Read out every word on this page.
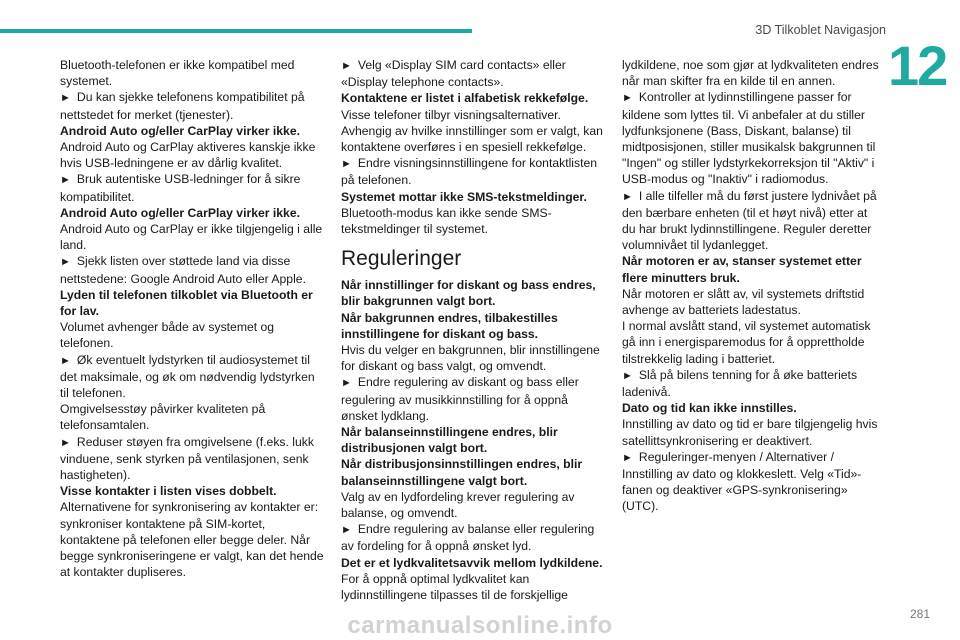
3D Tilkoblet Navigasjon
12

Bluetooth-telefonen er ikke kompatibel med systemet.

► Du kan sjekke telefonens kompatibilitet på nettstedet for merket (tjenester).

Android Auto og/eller CarPlay virker ikke.

Android Auto og CarPlay aktiveres kanskje ikke hvis USB-ledningene er av dårlig kvalitet.

► Bruk autentiske USB-ledninger for å sikre kompatibilitet.

Android Auto og/eller CarPlay virker ikke.

Android Auto og CarPlay er ikke tilgjengelig i alle land.

► Sjekk listen over støttede land via disse nettstedene: Google Android Auto eller Apple.

Lyden til telefonen tilkoblet via Bluetooth er for lav.

Volumet avhenger både av systemet og telefonen.

► Øk eventuelt lydstyrken til audiosystemet til det maksimale, og øk om nødvendig lydstyrken til telefonen.

Omgivelsesstøy påvirker kvaliteten på telefonsamtalen.

► Reduser støyen fra omgivelsene (f.eks. lukk vinduene, senk styrken på ventilasjonen, senk hastigheten).

Visse kontakter i listen vises dobbelt.

Alternativene for synkronisering av kontakter er: synkroniser kontaktene på SIM-kortet, kontaktene på telefonen eller begge deler. Når begge synkroniseringene er valgt, kan det hende at kontakter dupliseres.

► Velg «Display SIM card contacts» eller «Display telephone contacts».

Kontaktene er listet i alfabetisk rekkefølge.

Visse telefoner tilbyr visningsalternativer. Avhengig av hvilke innstillinger som er valgt, kan kontaktene overføres i en spesiell rekkefølge.

► Endre visningsinnstillingene for kontaktlisten på telefonen.

Systemet mottar ikke SMS-tekstmeldinger.

Bluetooth-modus kan ikke sende SMS-tekstmeldinger til systemet.

Reguleringer

Når innstillinger for diskant og bass endres, blir bakgrunnen valgt bort.

Når bakgrunnen endres, tilbakestilles innstillingene for diskant og bass.

Hvis du velger en bakgrunnen, blir innstillingene for diskant og bass valgt, og omvendt.

► Endre regulering av diskant og bass eller regulering av musikkinnstilling for å oppnå ønsket lydklang.

Når balanseinnstillingene endres, blir distribusjonen valgt bort.

Når distribusjonsinnstillingen endres, blir balanseinnstillingene valgt bort.

Valg av en lydfordeling krever regulering av balanse, og omvendt.

► Endre regulering av balanse eller regulering av fordeling for å oppnå ønsket lyd.

Det er et lydkvalitetsavvik mellom lydkildene.

For å oppnå optimal lydkvalitet kan lydinnstillingene tilpasses til de forskjellige

lydkildene, noe som gjør at lydkvaliteten endres når man skifter fra en kilde til en annen.

► Kontroller at lydinnstillingene passer for kildene som lyttes til. Vi anbefaler at du stiller lydfunksjonene (Bass, Diskant, balanse) til midtposisjonen, stiller musikalsk bakgrunnen til "Ingen" og stiller lydstyrkekorreksjon til "Aktiv" i USB-modus og "Inaktiv" i radiomodus.

► I alle tilfeller må du først justere lydnivået på den bærbare enheten (til et høyt nivå) etter at du har brukt lydinnstillingene. Reguler deretter volumnivået til lydanlegget.

Når motoren er av, stanser systemet etter flere minutters bruk.

Når motoren er slått av, vil systemets driftstid avhenge av batteriets ladestatus.

I normal avslått stand, vil systemet automatisk gå inn i energisparemodus for å opprettholde tilstrekkelig lading i batteriet.

► Slå på bilens tenning for å øke batteriets ladenivå.

Dato og tid kan ikke innstilles.

Innstilling av dato og tid er bare tilgjengelig hvis satellittsynkronisering er deaktivert.

► Reguleringer-menyen / Alternativer / Innstilling av dato og klokkeslett. Velg «Tid»-fanen og deaktiver «GPS-synkronisering» (UTC).

281
carmanualsonline.info
